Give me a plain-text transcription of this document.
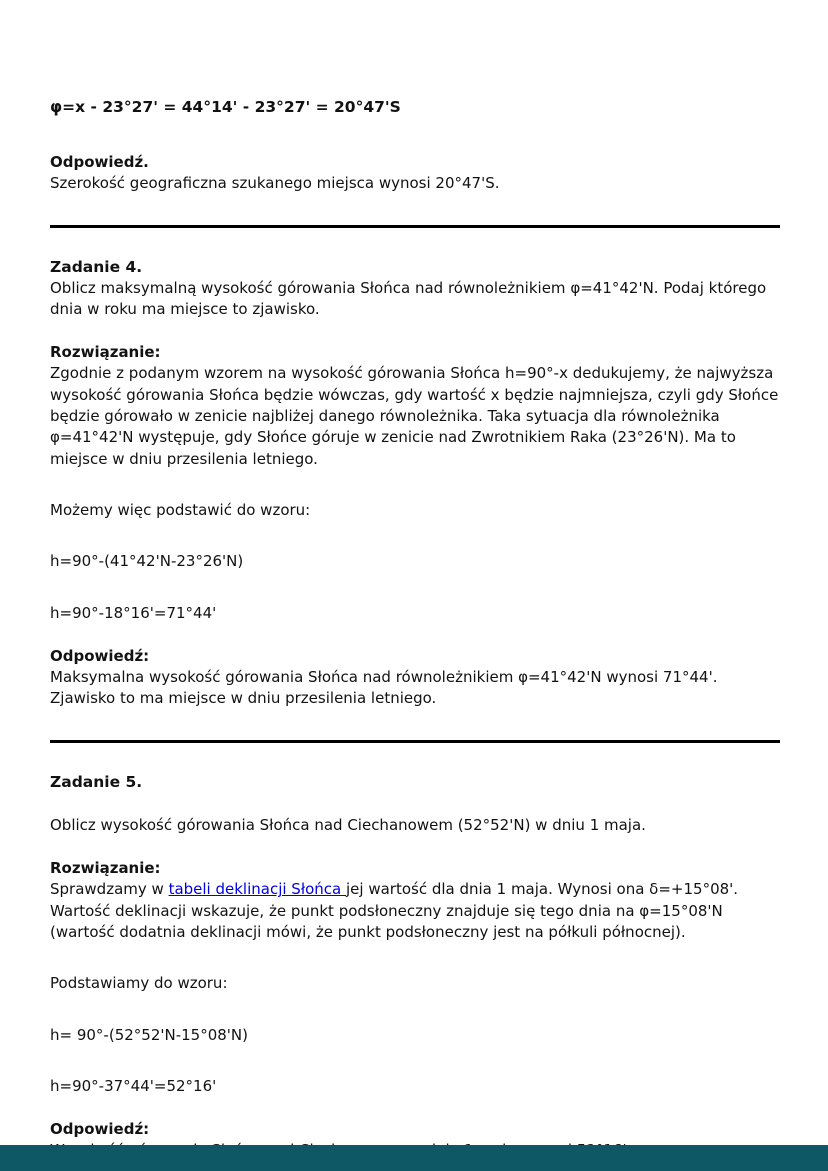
φ=x - 23°27' = 44°14' - 23°27' = 20°47'S
Odpowiedź.
Szerokość geograficzna szukanego miejsca wynosi 20°47'S.
Zadanie 4.
Oblicz maksymalną wysokość górowania Słońca nad równoleżnikiem φ=41°42'N. Podaj którego dnia w roku ma miejsce to zjawisko.
Rozwiązanie:
Zgodnie z podanym wzorem na wysokość górowania Słońca h=90°-x dedukujemy, że najwyższa wysokość górowania Słońca będzie wówczas, gdy wartość x będzie najmniejsza, czyli gdy Słońce będzie górowało w zenicie najbliżej danego równoleżnika. Taka sytuacja dla równoleżnika φ=41°42'N występuje, gdy Słońce góruje w zenicie nad Zwrotnikiem Raka (23°26'N). Ma to miejsce w dniu przesilenia letniego.
Możemy więc podstawić do wzoru:
h=90°-(41°42'N-23°26'N)
h=90°-18°16'=71°44'
Odpowiedź:
Maksymalna wysokość górowania Słońca nad równoleżnikiem φ=41°42'N wynosi 71°44'. Zjawisko to ma miejsce w dniu przesilenia letniego.
Zadanie 5.
Oblicz wysokość górowania Słońca nad Ciechanowem (52°52'N) w dniu 1 maja.
Rozwiązanie:
Sprawdzamy w tabeli deklinacji Słońca jej wartość dla dnia 1 maja. Wynosi ona δ=+15°08'. Wartość deklinacji wskazuje, że punkt podsłoneczny znajduje się tego dnia na φ=15°08'N (wartość dodatnia deklinacji mówi, że punkt podsłoneczny jest na półkuli północnej).
Podstawiamy do wzoru:
h= 90°-(52°52'N-15°08'N)
h=90°-37°44'=52°16'
Odpowiedź:
